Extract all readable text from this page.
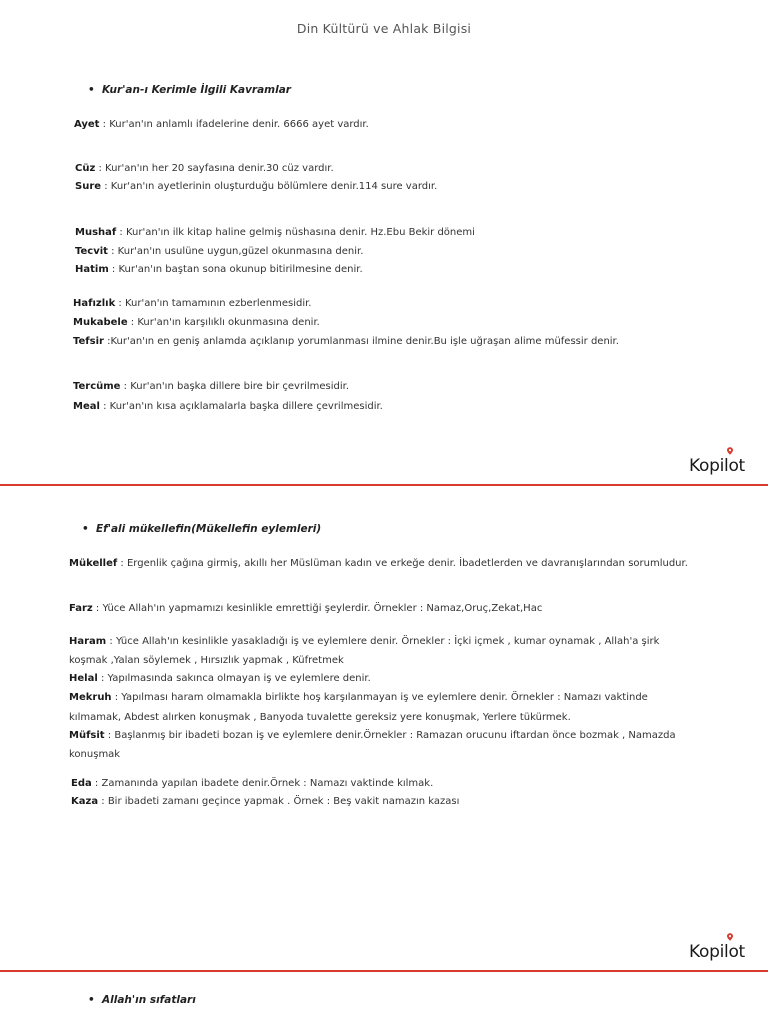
Din Kültürü ve Ahlak Bilgisi
• Kur'an-ı Kerimle İlgili Kavramlar
Ayet : Kur'an'ın anlamlı ifadelerine denir. 6666 ayet vardır.
Cüz : Kur'an'ın her 20 sayfasına denir.30 cüz vardır.
Sure : Kur'an'ın ayetlerinin oluşturduğu bölümlere denir.114 sure vardır.
Mushaf : Kur'an'ın ilk kitap haline gelmiş nüshasına denir. Hz.Ebu Bekir dönemi
Tecvit : Kur'an'ın usulüne uygun,güzel okunmasına denir.
Hatim : Kur'an'ın baştan sona okunup bitirilmesine denir.
Hafızlık : Kur'an'ın tamamının ezberlenmesidir.
Mukabele : Kur'an'ın karşılıklı okunmasına denir.
Tefsir :Kur'an'ın en geniş anlamda açıklanıp yorumlanması ilmine denir.Bu işle uğraşan alime müfessir denir.
Tercüme : Kur'an'ın başka dillere bire bir çevrilmesidir.
Meal : Kur'an'ın kısa açıklamalarla başka dillere çevrilmesidir.
Kopilot
• Ef'ali mükellefin(Mükellefin eylemleri)
Mükellef : Ergenlik çağına girmiş, akıllı her Müslüman kadın ve erkeğe denir. İbadetlerden ve davranışlarından sorumludur.
Farz : Yüce Allah'ın yapmamızı kesinlikle emrettiği şeylerdir. Örnekler : Namaz,Oruç,Zekat,Hac
Haram : Yüce Allah'ın kesinlikle yasakladığı iş ve eylemlere denir. Örnekler : İçki içmek , kumar oynamak , Allah'a şirk
koşmak ,Yalan söylemek , Hırsızlık yapmak , Küfretmek
Helal : Yapılmasında sakınca olmayan iş ve eylemlere denir.
Mekruh : Yapılması haram olmamakla birlikte hoş karşılanmayan iş ve eylemlere denir. Örnekler : Namazı vaktinde
kılmamak, Abdest alırken konuşmak , Banyoda tuvalette gereksiz yere konuşmak, Yerlere tükürmek.
Müfsit : Başlanmış bir ibadeti bozan iş ve eylemlere denir.Örnekler : Ramazan orucunu iftardan önce bozmak , Namazda
konuşmak
Eda : Zamanında yapılan ibadete denir.Örnek : Namazı vaktinde kılmak.
Kaza : Bir ibadeti zamanı geçince yapmak . Örnek : Beş vakit namazın kazası
Kopilot
• Allah'ın sıfatları
